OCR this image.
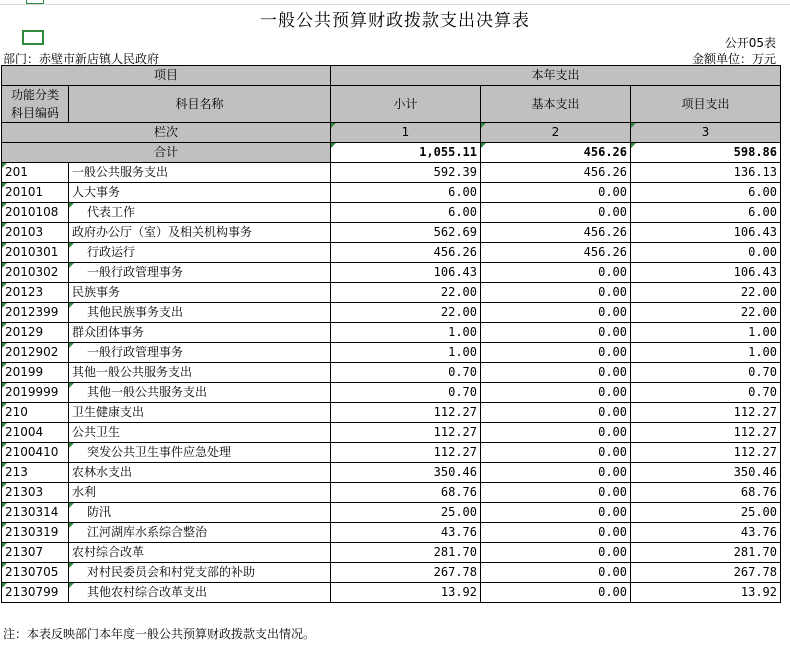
一般公共预算财政拨款支出决算表
公开05表
部门：赤壁市新店镇人民政府	金额单位：万元
项目		本年支出		
功能分类
科目编码	科目名称	小计	基本支出	项目支出
栏次		1	2	3
合计		1,055.11	456.26	598.86
201	一般公共服务支出	592.39	456.26	136.13
20101	人大事务	6.00	0.00	6.00
2010108	代表工作	6.00	0.00	6.00
20103	政府办公厅（室）及相关机构事务	562.69	456.26	106.43
2010301	行政运行	456.26	456.26	0.00
2010302	一般行政管理事务	106.43	0.00	106.43
20123	民族事务	22.00	0.00	22.00
2012399	其他民族事务支出	22.00	0.00	22.00
20129	群众团体事务	1.00	0.00	1.00
2012902	一般行政管理事务	1.00	0.00	1.00
20199	其他一般公共服务支出	0.70	0.00	0.70
2019999	其他一般公共服务支出	0.70	0.00	0.70
210	卫生健康支出	112.27	0.00	112.27
21004	公共卫生	112.27	0.00	112.27
2100410	突发公共卫生事件应急处理	112.27	0.00	112.27
213	农林水支出	350.46	0.00	350.46
21303	水利	68.76	0.00	68.76
2130314	防汛	25.00	0.00	25.00
2130319	江河湖库水系综合整治	43.76	0.00	43.76
21307	农村综合改革	281.70	0.00	281.70
2130705	对村民委员会和村党支部的补助	267.78	0.00	267.78
2130799	其他农村综合改革支出	13.92	0.00	13.92
注：本表反映部门本年度一般公共预算财政拨款支出情况。
